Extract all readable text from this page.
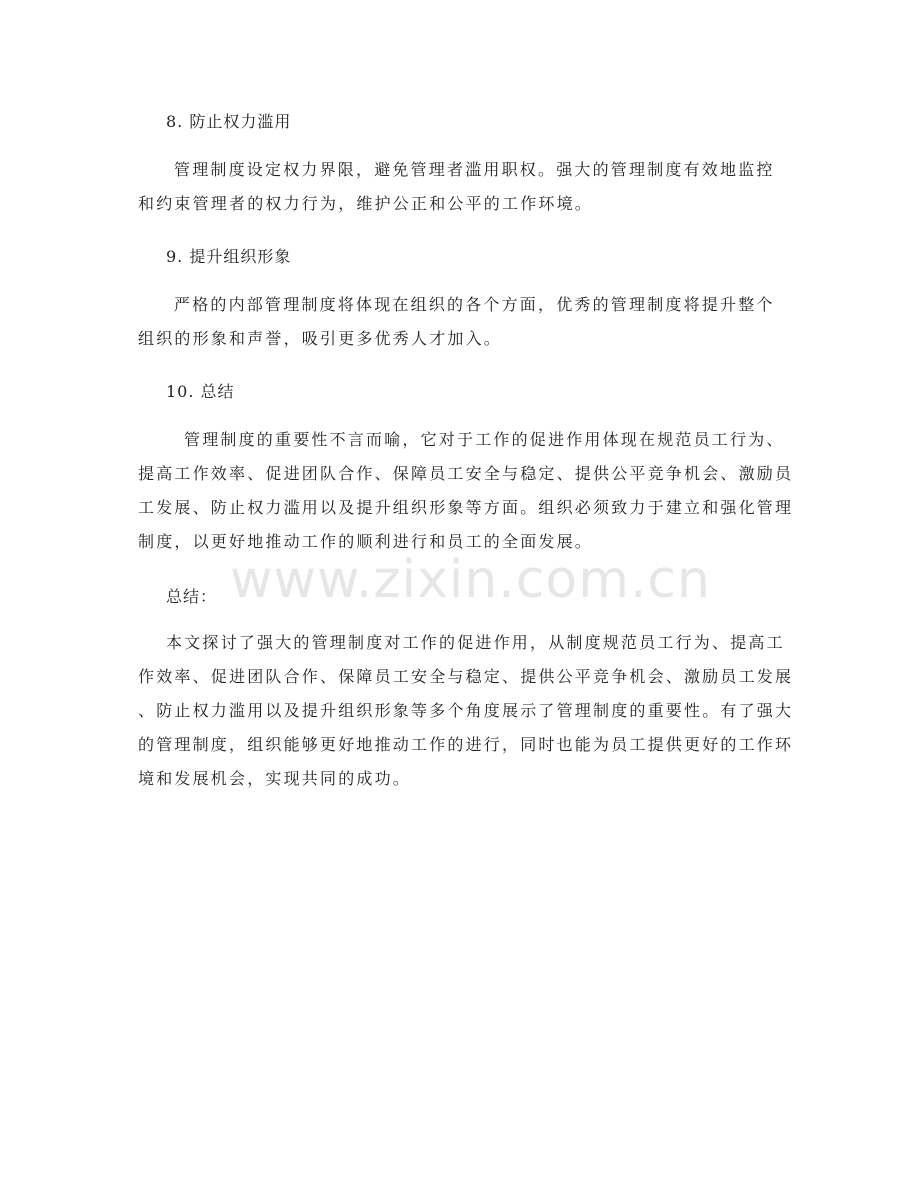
8. 防止权力滥用
管理制度设定权力界限，避免管理者滥用职权。强大的管理制度有效地监控
和约束管理者的权力行为，维护公正和公平的工作环境。
9. 提升组织形象
严格的内部管理制度将体现在组织的各个方面，优秀的管理制度将提升整个
组织的形象和声誉，吸引更多优秀人才加入。
10. 总结
管理制度的重要性不言而喻，它对于工作的促进作用体现在规范员工行为、
提高工作效率、促进团队合作、保障员工安全与稳定、提供公平竞争机会、激励员
工发展、防止权力滥用以及提升组织形象等方面。组织必须致力于建立和强化管理
制度，以更好地推动工作的顺利进行和员工的全面发展。
www.zixin.com.cn
总结：
本文探讨了强大的管理制度对工作的促进作用，从制度规范员工行为、提高工
作效率、促进团队合作、保障员工安全与稳定、提供公平竞争机会、激励员工发展
、防止权力滥用以及提升组织形象等多个角度展示了管理制度的重要性。有了强大
的管理制度，组织能够更好地推动工作的进行，同时也能为员工提供更好的工作环
境和发展机会，实现共同的成功。
